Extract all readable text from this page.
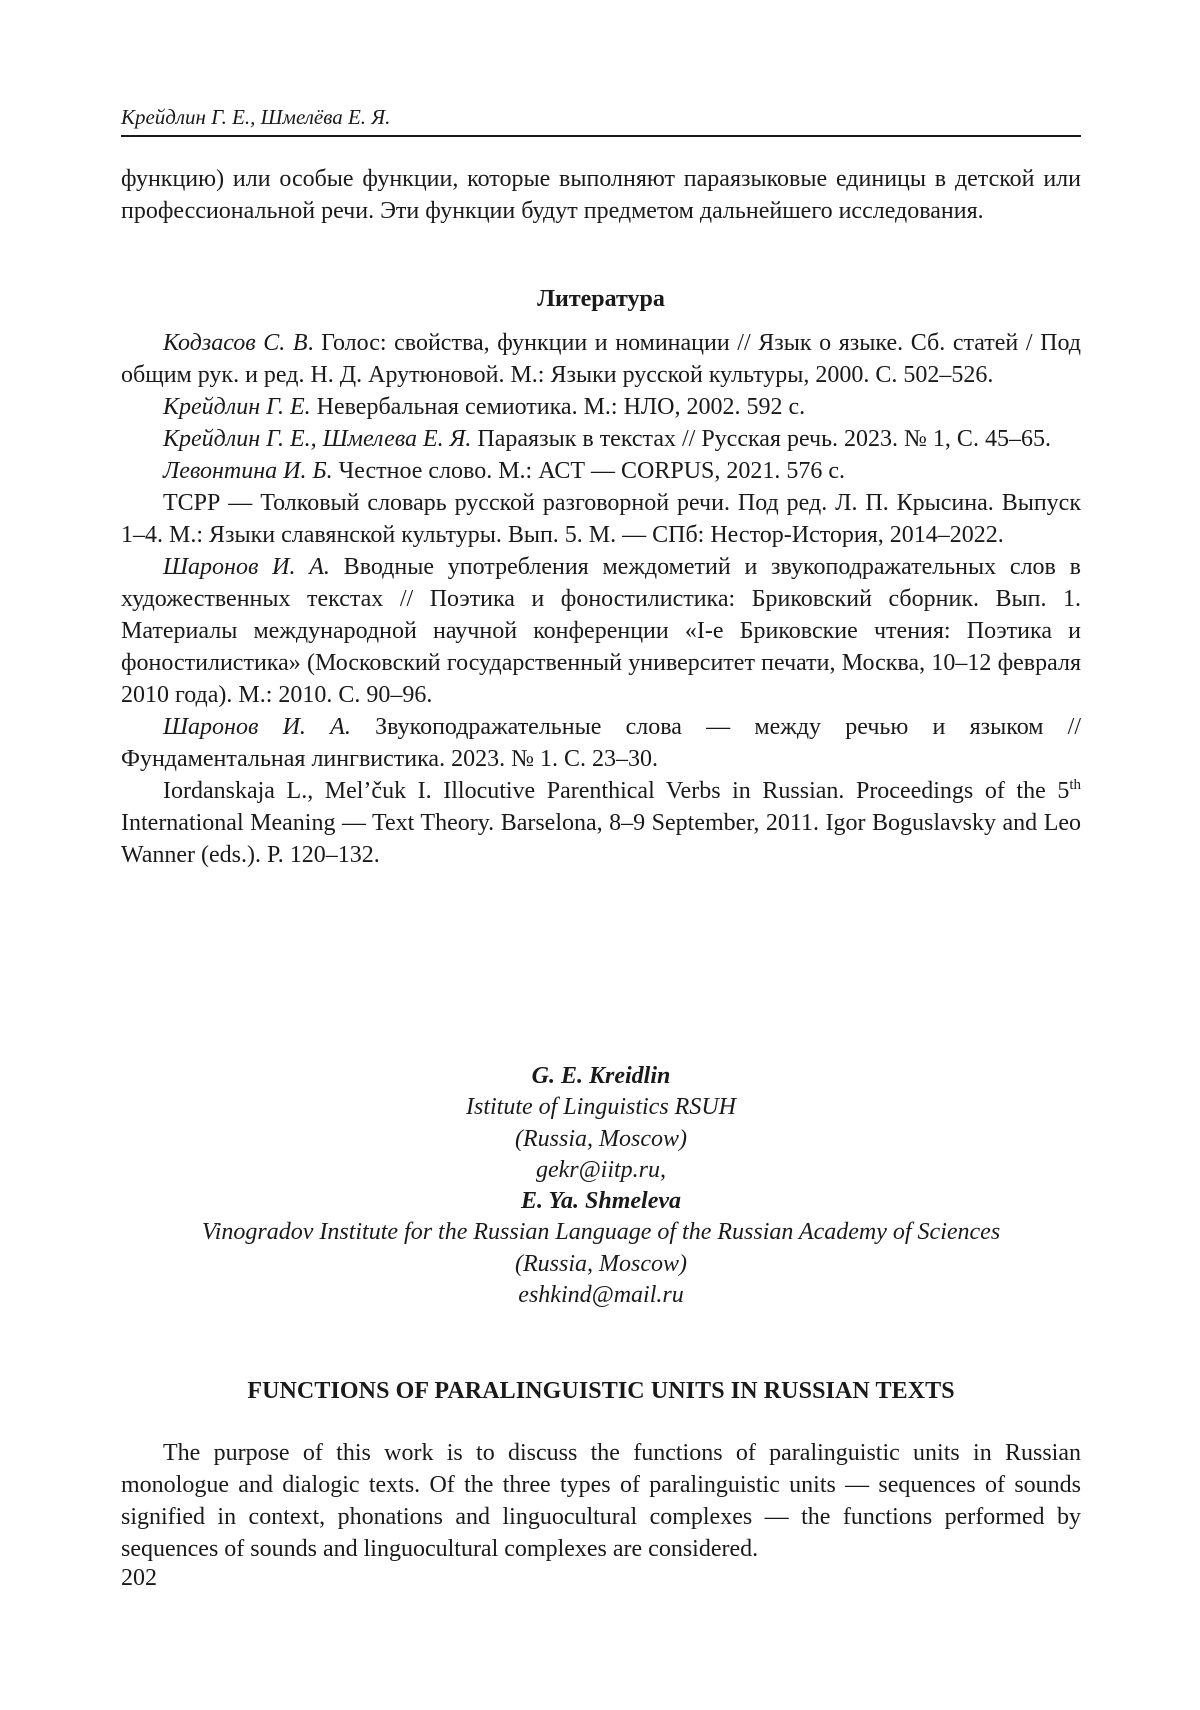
Крейдлин Г. Е., Шмелёва Е. Я.

функцию) или особые функции, которые выполняют параязыковые единицы в детской или профессиональной речи. Эти функции будут предметом дальнейшего исследования.

Литература

Кодзасов С. В. Голос: свойства, функции и номинации // Язык о языке. Сб. статей / Под общим рук. и ред. Н. Д. Арутюновой. М.: Языки русской культуры, 2000. С. 502–526.

Крейдлин Г. Е. Невербальная семиотика. М.: НЛО, 2002. 592 с.

Крейдлин Г. Е., Шмелева Е. Я. Параязык в текстах // Русская речь. 2023. № 1, С. 45–65.

Левонтина И. Б. Честное слово. М.: АСТ — CORPUS, 2021. 576 с.

ТСРР — Толковый словарь русской разговорной речи. Под ред. Л. П. Крысина. Выпуск 1–4. М.: Языки славянской культуры. Вып. 5. М. — СПб: Нестор-История, 2014–2022.

Шаронов И. А. Вводные употребления междометий и звукоподражательных слов в художественных текстах // Поэтика и фоностилистика: Бриковский сборник. Вып. 1. Материалы международной научной конференции «I-е Бриковские чтения: Поэтика и фоностилистика» (Московский государственный университет печати, Москва, 10–12 февраля 2010 года). М.: 2010. С. 90–96.

Шаронов И. А. Звукоподражательные слова — между речью и языком // Фундаментальная лингвистика. 2023. № 1. С. 23–30.

Iordanskaja L., Mel’čuk I. Illocutive Parenthical Verbs in Russian. Proceedings of the 5th International Meaning — Text Theory. Barselona, 8–9 September, 2011. Igor Boguslavsky and Leo Wanner (eds.). P. 120–132.

G. E. Kreidlin
Istitute of Linguistics RSUH
(Russia, Moscow)
gekr@iitp.ru,
E. Ya. Shmeleva
Vinogradov Institute for the Russian Language of the Russian Academy of Sciences
(Russia, Moscow)
eshkind@mail.ru
FUNCTIONS OF PARALINGUISTIC UNITS IN RUSSIAN TEXTS

The purpose of this work is to discuss the functions of paralinguistic units in Russian monologue and dialogic texts. Of the three types of paralinguistic units — sequences of sounds signified in context, phonations and linguocultural complexes — the functions performed by sequences of sounds and linguocultural complexes are considered.

202
